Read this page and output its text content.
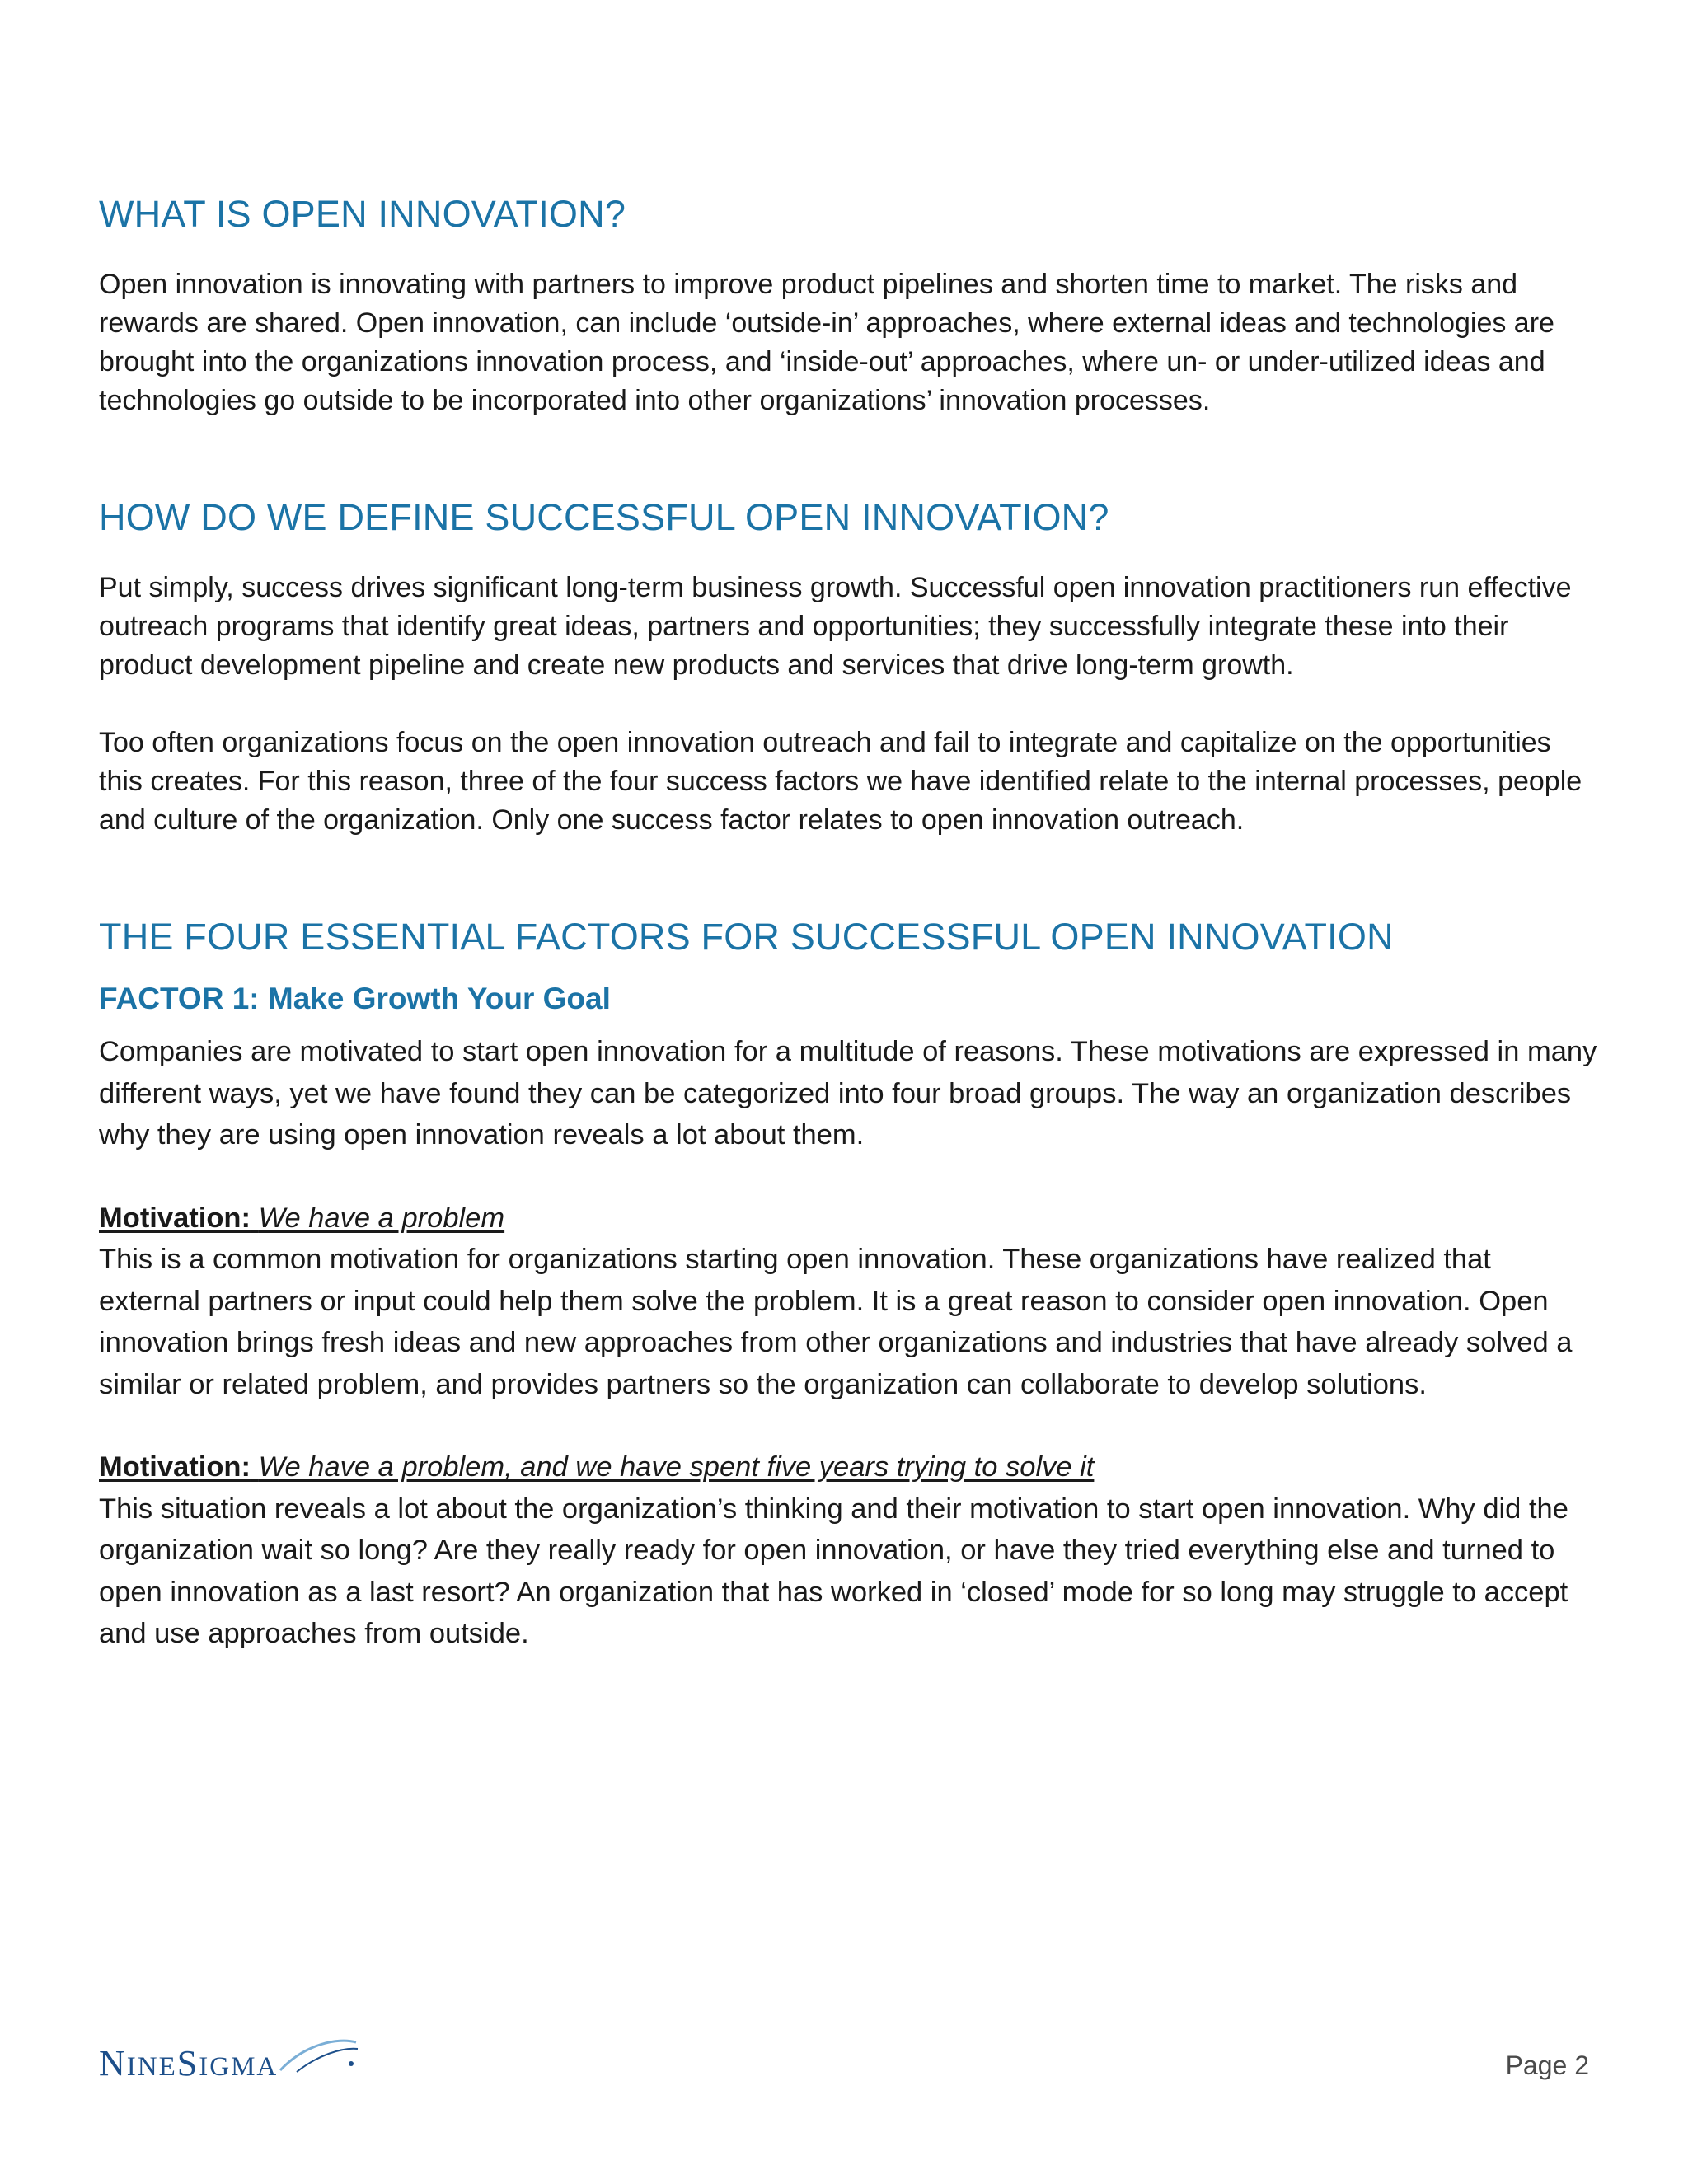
WHAT IS OPEN INNOVATION?

Open innovation is innovating with partners to improve product pipelines and shorten time to market. The risks and rewards are shared. Open innovation, can include ‘outside-in’ approaches, where external ideas and technologies are brought into the organizations innovation process, and ‘inside-out’ approaches, where un- or under-utilized ideas and technologies go outside to be incorporated into other organizations’ innovation processes.

HOW DO WE DEFINE SUCCESSFUL OPEN INNOVATION?

Put simply, success drives significant long-term business growth. Successful open innovation practitioners run effective outreach programs that identify great ideas, partners and opportunities; they successfully integrate these into their product development pipeline and create new products and services that drive long-term growth.

Too often organizations focus on the open innovation outreach and fail to integrate and capitalize on the opportunities this creates. For this reason, three of the four success factors we have identified relate to the internal processes, people and culture of the organization. Only one success factor relates to open innovation outreach.

THE FOUR ESSENTIAL FACTORS FOR SUCCESSFUL OPEN INNOVATION
FACTOR 1: Make Growth Your Goal

Companies are motivated to start open innovation for a multitude of reasons. These motivations are expressed in many different ways, yet we have found they can be categorized into four broad groups. The way an organization describes why they are using open innovation reveals a lot about them.

Motivation: We have a problem

This is a common motivation for organizations starting open innovation. These organizations have realized that external partners or input could help them solve the problem. It is a great reason to consider open innovation. Open innovation brings fresh ideas and new approaches from other organizations and industries that have already solved a similar or related problem, and provides partners so the organization can collaborate to develop solutions.

Motivation: We have a problem, and we have spent five years trying to solve it

This situation reveals a lot about the organization’s thinking and their motivation to start open innovation. Why did the organization wait so long? Are they really ready for open innovation, or have they tried everything else and turned to open innovation as a last resort? An organization that has worked in ‘closed’ mode for so long may struggle to accept and use approaches from outside.

NINESIGMA	Page 2
